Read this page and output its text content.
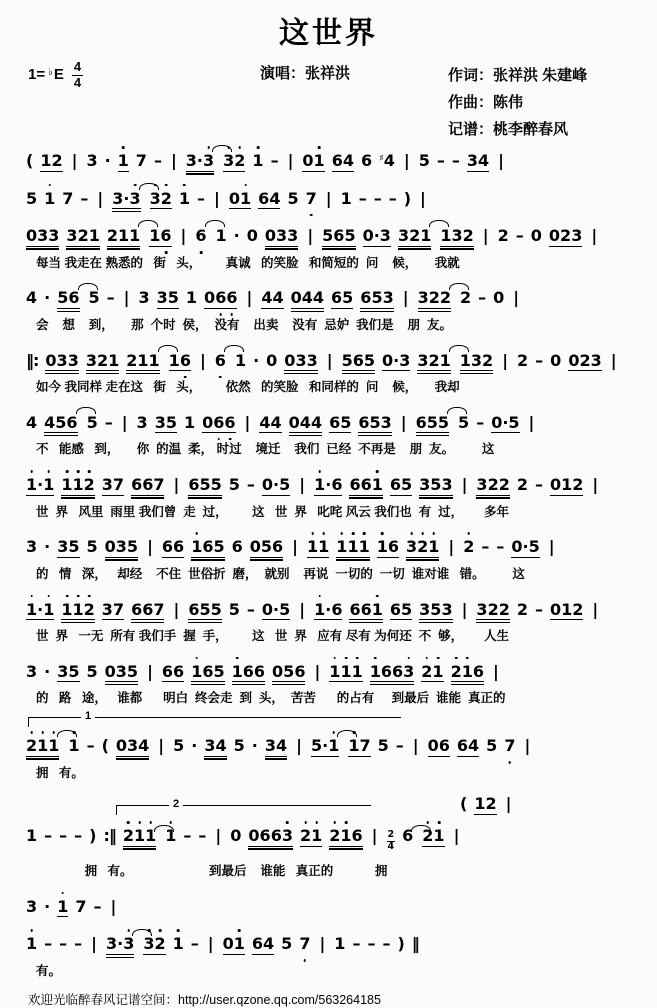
这世界
1= ♭E 4
4
演唱：张祥洪	作词：张祥洪 朱建峰
作曲：陈伟
记谱：桃李醉春风
( 1 2 | 3 · 1 7 – | 3 · 3 3 2 1 – | 0 1 6 4 6 ♯ 4 | 5 – – 3 4 |
5 1 7 – | 3 · 3 3 2 1 – | 0 1 6 4 5 7 | 1 – – – ) |
0 3 3 3 2 1 2 1 1 1 6 | 6 1 · 0 0 3 3 | 5 6 5 0 · 3 3 2 1 1 3 2 | 2 – 0 0 2 3 |
每当 我走在 熟悉的   街   头，       真诚   的笑脸   和简短的  问    候，     我就
4 · 5 6 5 – | 3 3 5 1 0 6 6 | 4 4 0 4 4 6 5 6 5 3 | 3 2 2 2 – 0 |
会    想    到，     那  个时  侯，  没有    出卖    没有  忌妒  我们是    朋  友。
‖ : 0 3 3 3 2 1 2 1 1 1 6 | 6 1 · 0 0 3 3 | 5 6 5 0 · 3 3 2 1 1 3 2 | 2 – 0 0 2 3 |
如今 我同样 走在这   街   头，       依然   的笑脸   和同样的  问    候，     我却
4 4 5 6 5 – | 3 3 5 1 0 6 6 | 4 4 0 4 4 6 5 6 5 3 | 6 5 5 5 – 0 · 5 |
不   能感   到，     你  的温  柔， 时过    境迁    我们  已经  不再是    朋  友。        这
1 · 1 1 1 2 3 7 6 6 7 | 6 5 5 5 – 0 · 5 | 1 · 6 6 6 1 6 5 3 5 3 | 3 2 2 2 – 0 1 2 |
世  界   风里  雨里 我们曾  走  过，       这   世  界   叱咤 风云 我们也  有  过，      多年
3 · 3 5 5 0 3 5 | 6 6 1 6 5 6 0 5 6 | 1 1 1 1 1 1 6 3 2 1 | 2 – – 0 · 5 |
的   情   深，   却经    不住  世俗折  磨，  就别    再说  一切的  一切  谁对谁   错。        这
1 · 1 1 1 2 3 7 6 6 7 | 6 5 5 5 – 0 · 5 | 1 · 6 6 6 1 6 5 3 5 3 | 3 2 2 2 – 0 1 2 |
世  界   一无  所有 我们手  握  手，       这   世  界   应有 尽有 为何还  不  够，      人生
3 · 3 5 5 0 3 5 | 6 6 1 6 5 1 6 6 0 5 6 | 1 1 1 1 6 6 3 2 1 2 1 6 |
的   路   途，   谁都      明白  终会走  到  头，  苦苦      的占有     到最后  谁能  真正的
1
2 1 1 1 – ( 0 3 4 | 5 · 3 4 5 · 3 4 | 5 · 1 1 7 5 – | 0 6 6 4 5 7 |
拥   有。
2	( 1 2 |
1 – – – ) : ‖ 2 1 1 1 – – | 0 0 6 6 3 2 1 2 1 6 | $\frac{2}{4} 6$ 2 1 |
拥   有。                      到最后    谁能   真正的            拥
3 · 1 7 – |
1 – – – | 3 · 3 3 2 1 – | 0 1 6 4 5 7 | 1 – – – ) ‖
有。
欢迎光临醉春风记谱空间：http://user.qzone.qq.com/563264185
